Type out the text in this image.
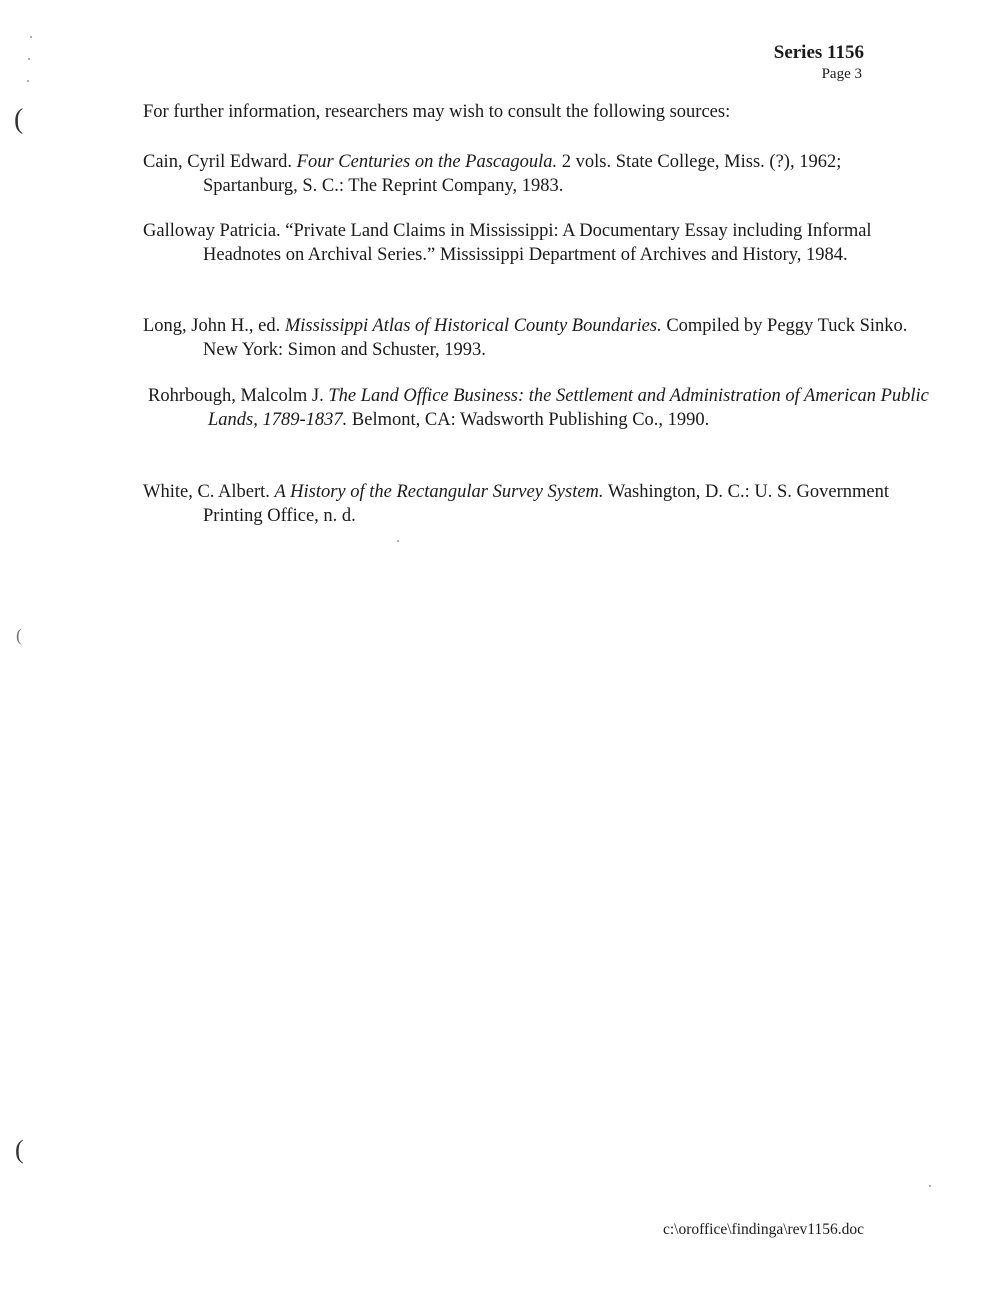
Series 1156
Page 3
For further information, researchers may wish to consult the following sources:

Cain, Cyril Edward. Four Centuries on the Pascagoula. 2 vols. State College, Miss. (?), 1962; Spartanburg, S. C.: The Reprint Company, 1983.

Galloway Patricia. “Private Land Claims in Mississippi: A Documentary Essay including Informal Headnotes on Archival Series.” Mississippi Department of Archives and History, 1984.

Long, John H., ed. Mississippi Atlas of Historical County Boundaries. Compiled by Peggy Tuck Sinko. New York: Simon and Schuster, 1993.

Rohrbough, Malcolm J. The Land Office Business: the Settlement and Administration of American Public Lands, 1789-1837. Belmont, CA: Wadsworth Publishing Co., 1990.

White, C. Albert. A History of the Rectangular Survey System. Washington, D. C.: U. S. Government Printing Office, n. d.

c:\oroffice\findinga\rev1156.doc
(
(
(
